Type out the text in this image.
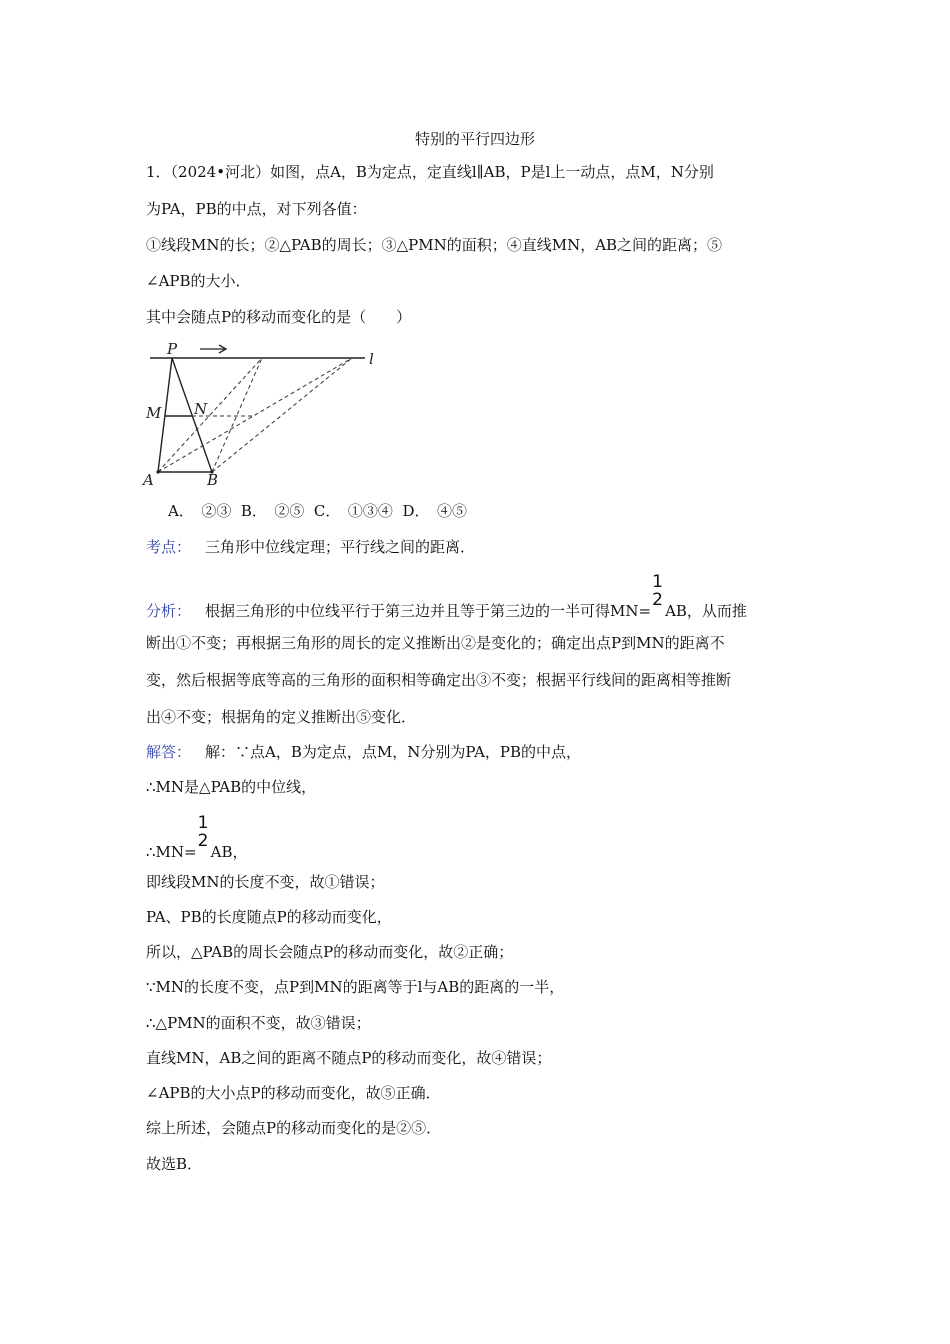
特别的平行四边形
1．（2024•河北）如图，点A，B为定点，定直线l∥AB，P是l上一动点，点M，N分别
为PA，PB的中点，对下列各值：
①线段MN的长；②△PAB的周长；③△PMN的面积；④直线MN，AB之间的距离；⑤
∠APB的大小．
其中会随点P的移动而变化的是（　　）
P
M N
A	B
l
A．　②③  B．　②⑤  C．　①③④  D．　④⑤
考点： 三角形中位线定理；平行线之间的距离．
分析： 根据三角形的中位线平行于第三边并且等于第三边的一半可得MN=
1
2
AB，从而推
断出①不变；再根据三角形的周长的定义推断出②是变化的；确定出点P到MN的距离不
变，然后根据等底等高的三角形的面积相等确定出③不变；根据平行线间的距离相等推断
出④不变；根据角的定义推断出⑤变化．
解答： 解：∵点A，B为定点，点M，N分别为PA，PB的中点，
∴MN是△PAB的中位线，
∴MN=
1
2
AB，
即线段MN的长度不变，故①错误；
PA、PB的长度随点P的移动而变化，
所以，△PAB的周长会随点P的移动而变化，故②正确；
∵MN的长度不变，点P到MN的距离等于l与AB的距离的一半，
∴△PMN的面积不变，故③错误；
直线MN，AB之间的距离不随点P的移动而变化，故④错误；
∠APB的大小点P的移动而变化，故⑤正确．
综上所述，会随点P的移动而变化的是②⑤．
故选B．
